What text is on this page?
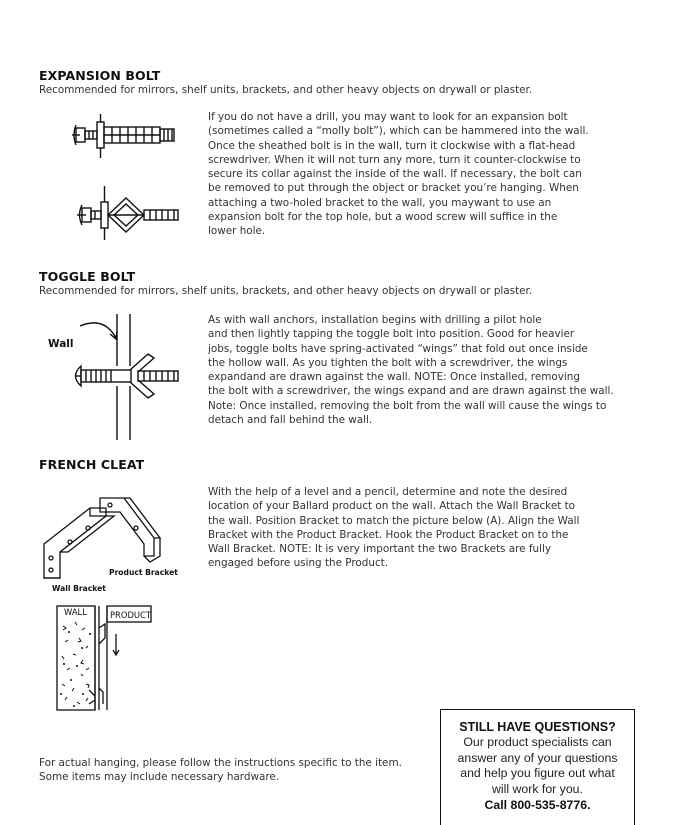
EXPANSION BOLT
Recommended for mirrors, shelf units, brackets, and other heavy objects on drywall or plaster.
If you do not have a drill, you may want to look for an expansion bolt
(sometimes called a “molly bolt”), which can be hammered into the wall.
Once the sheathed bolt is in the wall, turn it clockwise with a flat-head
screwdriver. When it will not turn any more, turn it counter-clockwise to
secure its collar against the inside of the wall. If necessary, the bolt can
be removed to put through the object or bracket you’re hanging. When
attaching a two-holed bracket to the wall, you maywant to use an
expansion bolt for the top hole, but a wood screw will suffice in the
lower hole.
TOGGLE BOLT
Recommended for mirrors, shelf units, brackets, and other heavy objects on drywall or plaster.
Wall
As with wall anchors, installation begins with drilling a pilot hole
and then lightly tapping the toggle bolt into position. Good for heavier
jobs, toggle bolts have spring-activated “wings” that fold out once inside
the hollow wall. As you tighten the bolt with a screwdriver, the wings
expandand are drawn against the wall. NOTE: Once installed, removing
the bolt with a screwdriver, the wings expand and are drawn against the wall.
Note: Once installed, removing the bolt from the wall will cause the wings to
detach and fall behind the wall.
FRENCH CLEAT
Product Bracket
Wall Bracket
WALL	PRODUCT
With the help of a level and a pencil, determine and note the desired
location of your Ballard product on the wall. Attach the Wall Bracket to
the wall. Position Bracket to match the picture below (A). Align the Wall
Bracket with the Product Bracket. Hook the Product Bracket on to the
Wall Bracket. NOTE: It is very important the two Brackets are fully
engaged before using the Product.
For actual hanging, please follow the instructions specific to the item.
Some items may include necessary hardware.
STILL HAVE QUESTIONS?
Our product specialists can
answer any of your questions
and help you figure out what
will work for you.
Call 800-535-8776.
